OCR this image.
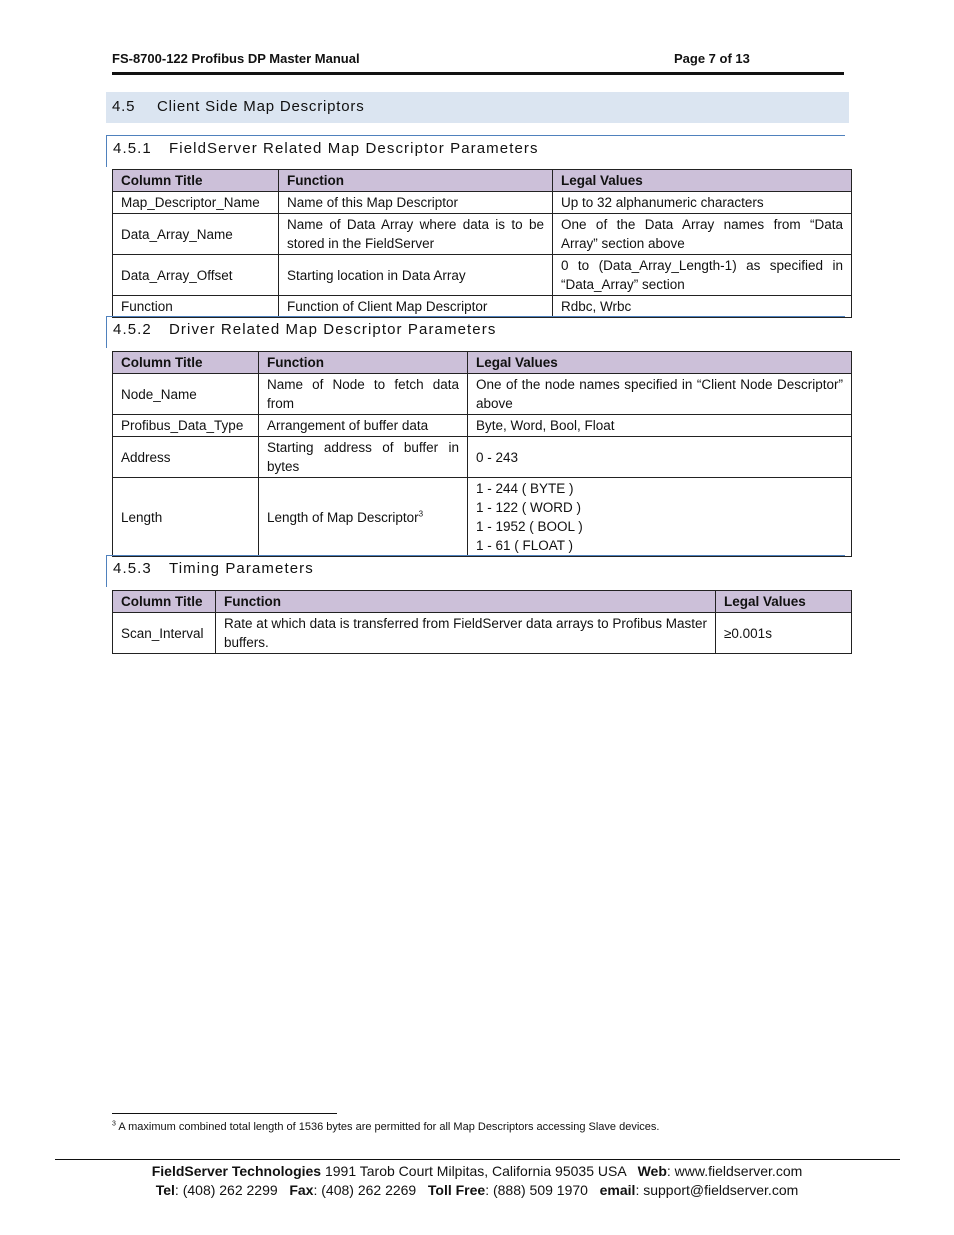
FS-8700-122 Profibus DP Master Manual	Page 7 of 13
4.5 Client Side Map Descriptors
4.5.1 FieldServer Related Map Descriptor Parameters
Column Title	Function	Legal Values
Map_Descriptor_Name	Name of this Map Descriptor	Up to 32 alphanumeric characters
Data_Array_Name	Name of Data Array where data is to be stored in the FieldServer	One of the Data Array names from “Data Array” section above
Data_Array_Offset	Starting location in Data Array	0 to (Data_Array_Length-1) as specified in “Data_Array” section
Function	Function of Client Map Descriptor	Rdbc, Wrbc
4.5.2 Driver Related Map Descriptor Parameters
Column Title	Function	Legal Values
Node_Name	Name of Node to fetch data from	One of the node names specified in “Client Node Descriptor” above
Profibus_Data_Type	Arrangement of buffer data	Byte, Word, Bool, Float
Address	Starting address of buffer in bytes	0 - 243
Length	Length of Map Descriptor$^3$	1 - 244 ( BYTE )
1 - 122 ( WORD )
1 - 1952 ( BOOL )
1 - 61 ( FLOAT )
4.5.3 Timing Parameters
Column Title	Function	Legal Values
Scan_Interval	Rate at which data is transferred from FieldServer data arrays to Profibus Master buffers.	≥0.001s
$^3$ A maximum combined total length of 1536 bytes are permitted for all Map Descriptors accessing Slave devices.
FieldServer Technologies 1991 Tarob Court Milpitas, California 95035 USA Web: www.fieldserver.com
Tel: (408) 262 2299 Fax: (408) 262 2269 Toll Free: (888) 509 1970 email: support@fieldserver.com
